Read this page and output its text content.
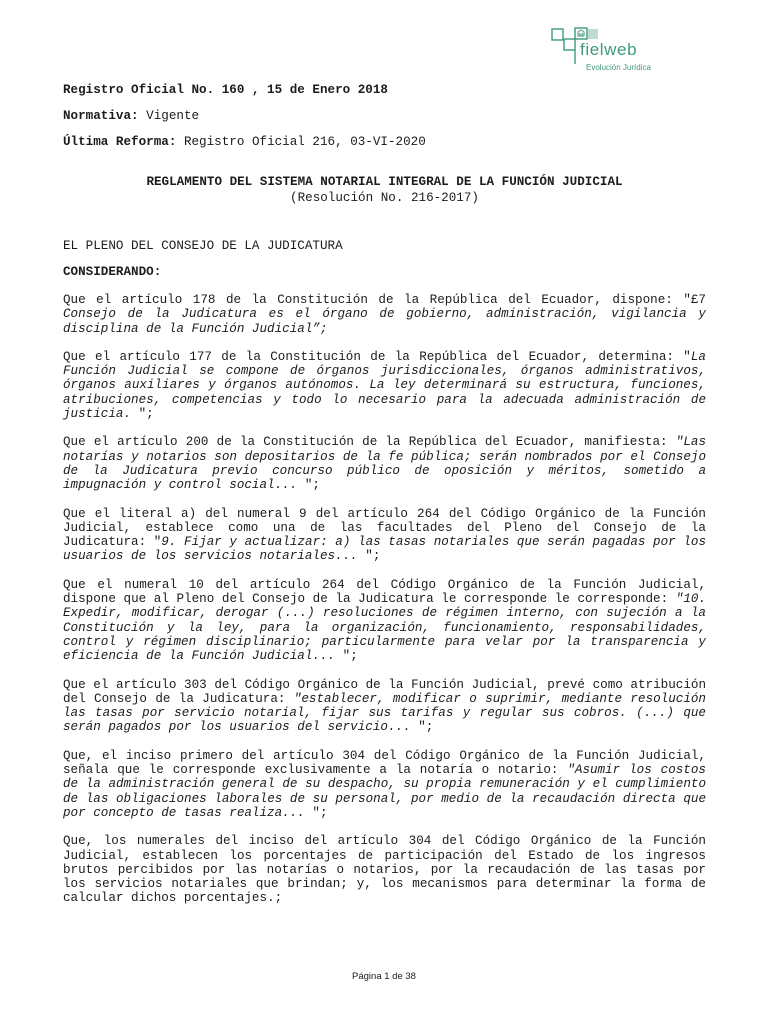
fielweb
Evolución Jurídica

Registro Oficial No. 160 , 15 de Enero 2018

Normativa: Vigente

Última Reforma: Registro Oficial 216, 03-VI-2020

REGLAMENTO DEL SISTEMA NOTARIAL INTEGRAL DE LA FUNCIÓN JUDICIAL

(Resolución No. 216-2017)

EL PLENO DEL CONSEJO DE LA JUDICATURA

CONSIDERANDO:

Que el artículo 178 de la Constitución de la República del Ecuador, dispone: "£7 Consejo de la Judicatura es el órgano de gobierno, administración, vigilancia y disciplina de la Función Judicial”;

Que el artículo 177 de la Constitución de la República del Ecuador, determina: "La Función Judicial se compone de órganos jurisdiccionales, órganos administrativos, órganos auxiliares y órganos autónomos. La ley determinará su estructura, funciones, atribuciones, competencias y todo lo necesario para la adecuada administración de justicia. ";

Que el artículo 200 de la Constitución de la República del Ecuador, manifiesta: "Las notarías y notarios son depositarios de la fe pública; serán nombrados por el Consejo de la Judicatura previo concurso público de oposición y méritos, sometido a impugnación y control social... ";

Que el literal a) del numeral 9 del artículo 264 del Código Orgánico de la Función Judicial, establece como una de las facultades del Pleno del Consejo de la Judicatura: "9. Fijar y actualizar: a) las tasas notariales que serán pagadas por los usuarios de los servicios notariales... ";

Que el numeral 10 del artículo 264 del Código Orgánico de la Función Judicial, dispone que al Pleno del Consejo de la Judicatura le corresponde le corresponde: "10. Expedir, modificar, derogar (...) resoluciones de régimen interno, con sujeción a la Constitución y la ley, para la organización, funcionamiento, responsabilidades, control y régimen disciplinario; particularmente para velar por la transparencia y eficiencia de la Función Judicial... ";

Que el artículo 303 del Código Orgánico de la Función Judicial, prevé como atribución del Consejo de la Judicatura: "establecer, modificar o suprimir, mediante resolución las tasas por servicio notarial, fijar sus tarifas y regular sus cobros. (...) que serán pagados por los usuarios del servicio... ";

Que, el inciso primero del artículo 304 del Código Orgánico de la Función Judicial, señala que le corresponde exclusivamente a la notaría o notario: "Asumir los costos de la administración general de su despacho, su propia remuneración y el cumplimiento de las obligaciones laborales de su personal, por medio de la recaudación directa que por concepto de tasas realiza... ";

Que, los numerales del inciso del artículo 304 del Código Orgánico de la Función Judicial, establecen los porcentajes de participación del Estado de los ingresos brutos percibidos por las notarías o notarios, por la recaudación de las tasas por los servicios notariales que brindan; y, los mecanismos para determinar la forma de calcular dichos porcentajes.;

Página 1 de 38
